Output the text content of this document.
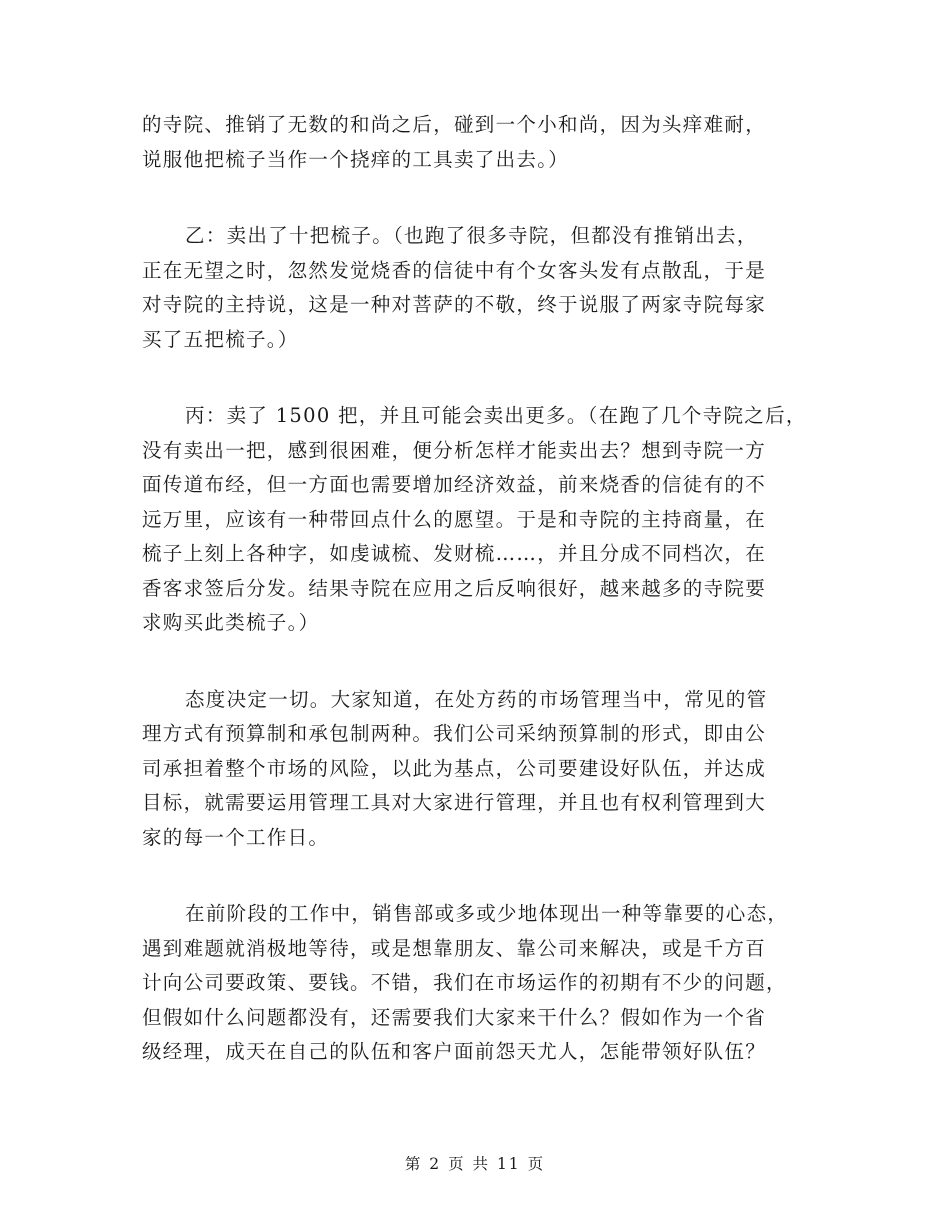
的寺院、推销了无数的和尚之后，碰到一个小和尚，因为头痒难耐，
说服他把梳子当作一个挠痒的工具卖了出去。）
乙：卖出了十把梳子。（也跑了很多寺院，但都没有推销出去，
正在无望之时，忽然发觉烧香的信徒中有个女客头发有点散乱，于是
对寺院的主持说，这是一种对菩萨的不敬，终于说服了两家寺院每家
买了五把梳子。）
丙：卖了 1500 把，并且可能会卖出更多。（在跑了几个寺院之后，
没有卖出一把，感到很困难，便分析怎样才能卖出去？想到寺院一方
面传道布经，但一方面也需要增加经济效益，前来烧香的信徒有的不
远万里，应该有一种带回点什么的愿望。于是和寺院的主持商量，在
梳子上刻上各种字，如虔诚梳、发财梳……，并且分成不同档次，在
香客求签后分发。结果寺院在应用之后反响很好，越来越多的寺院要
求购买此类梳子。）
态度决定一切。大家知道，在处方药的市场管理当中，常见的管
理方式有预算制和承包制两种。我们公司采纳预算制的形式，即由公
司承担着整个市场的风险，以此为基点，公司要建设好队伍，并达成
目标，就需要运用管理工具对大家进行管理，并且也有权利管理到大
家的每一个工作日。
在前阶段的工作中，销售部或多或少地体现出一种等靠要的心态，
遇到难题就消极地等待，或是想靠朋友、靠公司来解决，或是千方百
计向公司要政策、要钱。不错，我们在市场运作的初期有不少的问题，
但假如什么问题都没有，还需要我们大家来干什么？假如作为一个省
级经理，成天在自己的队伍和客户面前怨天尤人，怎能带领好队伍？
第 2 页 共 11 页
